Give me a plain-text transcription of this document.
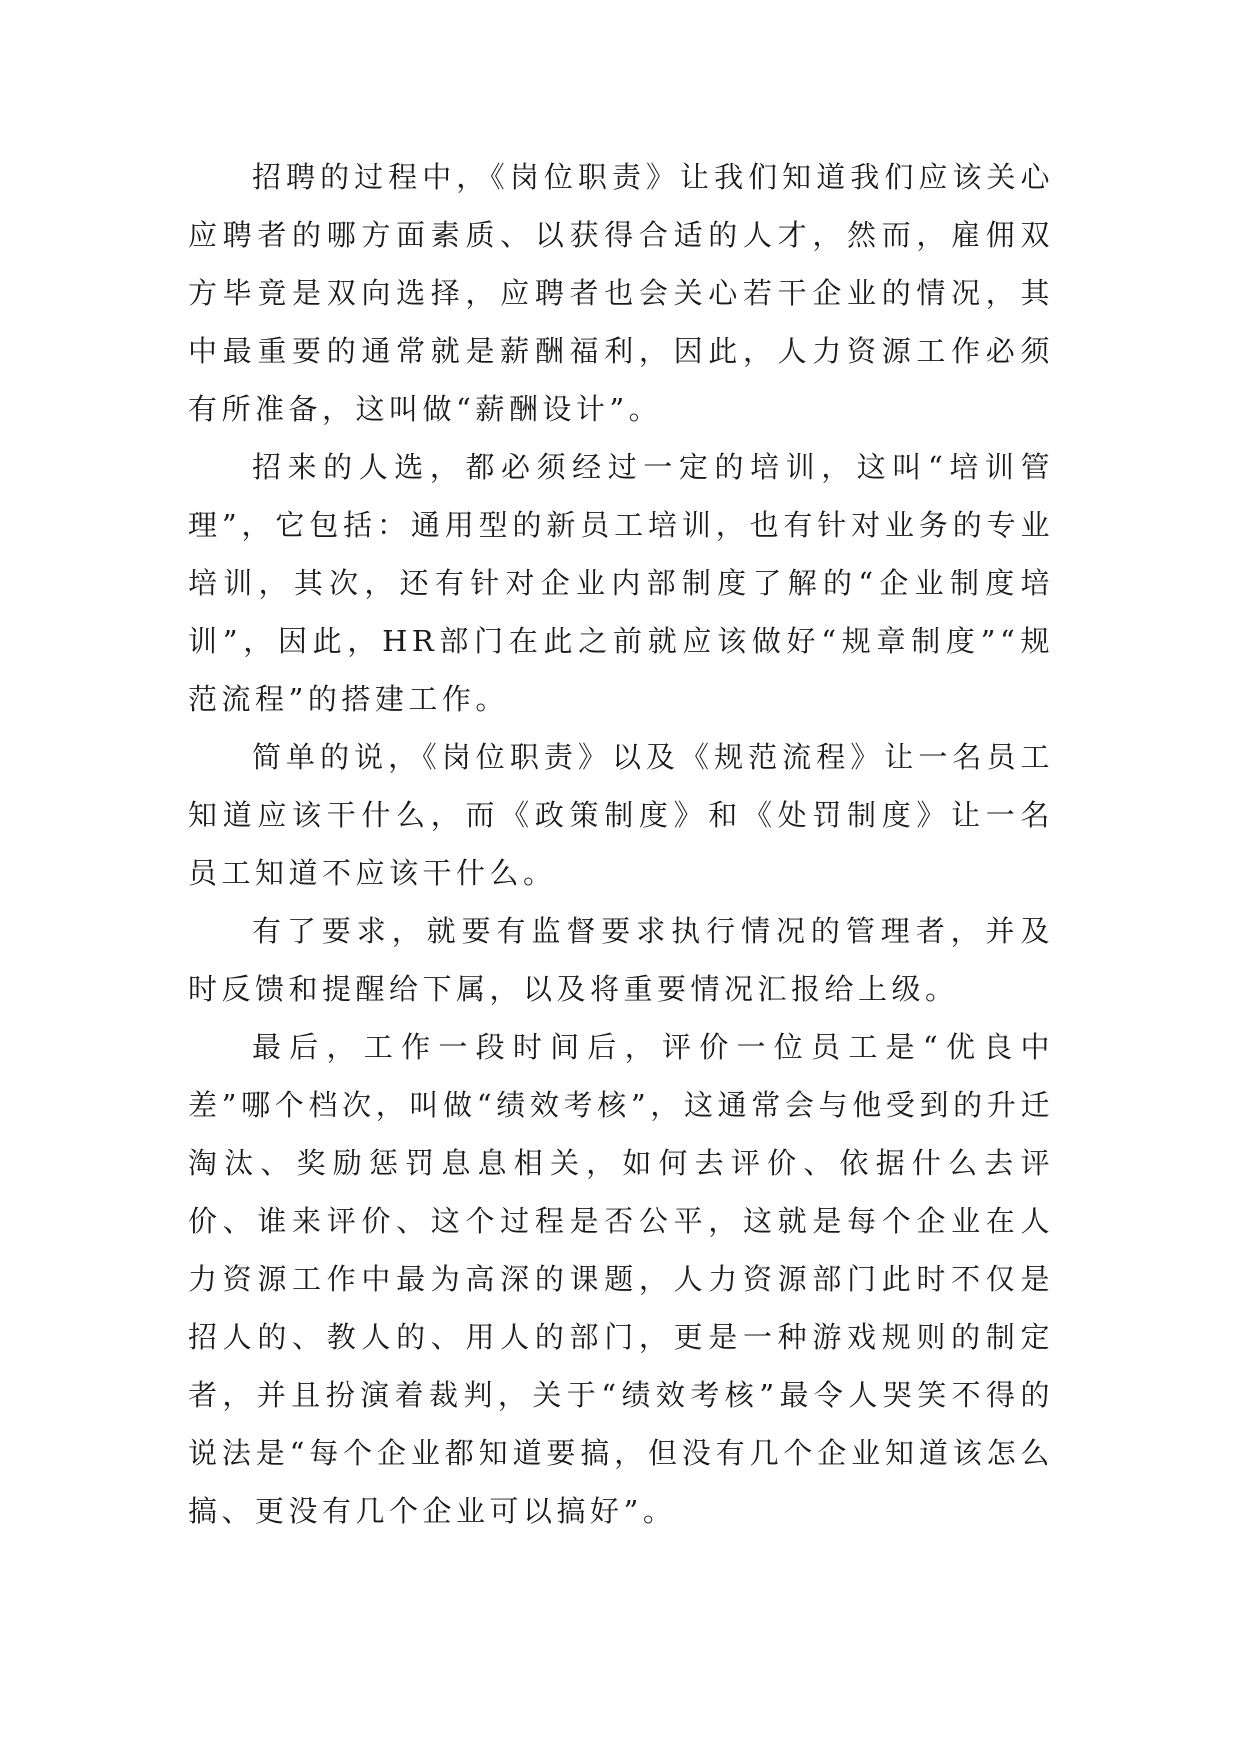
招聘的过程中，《岗位职责》让我们知道我们应该关心应聘者的哪方面素质、以获得合适的人才，然而，雇佣双方毕竟是双向选择，应聘者也会关心若干企业的情况，其中最重要的通常就是薪酬福利，因此，人力资源工作必须有所准备，这叫做“薪酬设计”。

招来的人选，都必须经过一定的培训，这叫“培训管理”，它包括：通用型的新员工培训，也有针对业务的专业培训，其次，还有针对企业内部制度了解的“企业制度培训”，因此，HR部门在此之前就应该做好“规章制度”“规范流程”的搭建工作。

简单的说，《岗位职责》以及《规范流程》让一名员工知道应该干什么，而《政策制度》和《处罚制度》让一名员工知道不应该干什么。

有了要求，就要有监督要求执行情况的管理者，并及时反馈和提醒给下属，以及将重要情况汇报给上级。

最后，工作一段时间后，评价一位员工是“优良中差”哪个档次，叫做“绩效考核”，这通常会与他受到的升迁淘汰、奖励惩罚息息相关，如何去评价、依据什么去评价、谁来评价、这个过程是否公平，这就是每个企业在人力资源工作中最为高深的课题，人力资源部门此时不仅是招人的、教人的、用人的部门，更是一种游戏规则的制定者，并且扮演着裁判，关于“绩效考核”最令人哭笑不得的说法是“每个企业都知道要搞，但没有几个企业知道该怎么搞、更没有几个企业可以搞好”。
